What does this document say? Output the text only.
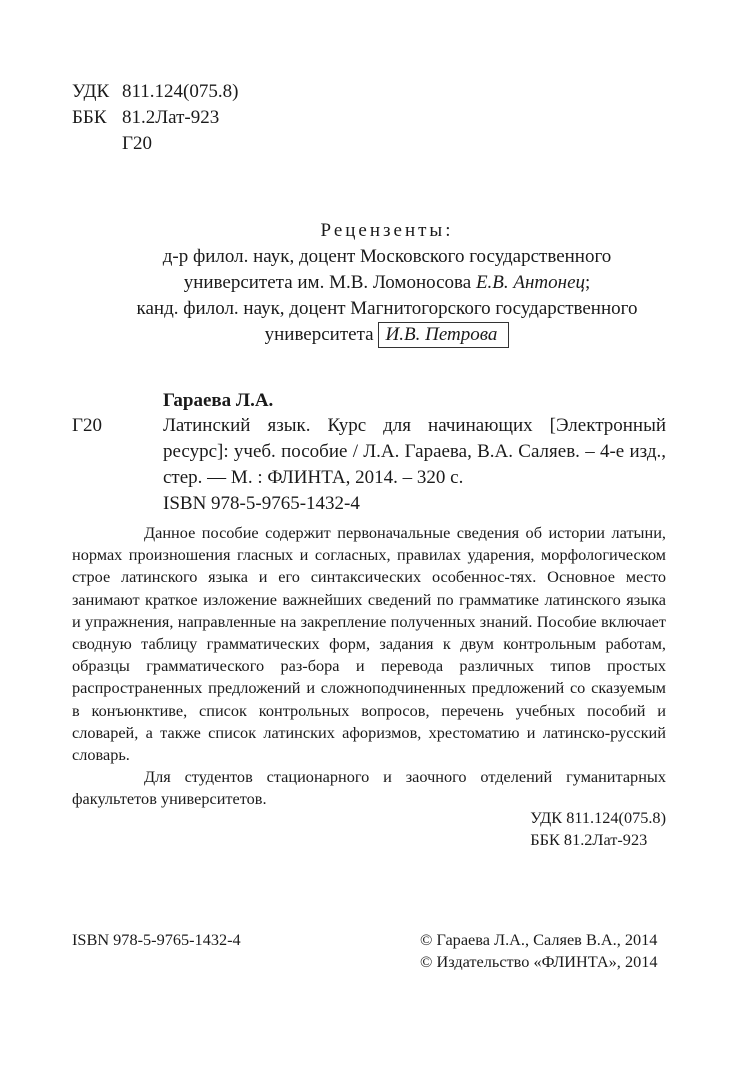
УДК 811.124(075.8)
ББК 81.2Лат-923
Г20
Рецензенты:
д-р филол. наук, доцент Московского государственного
университета им. М.В. Ломоносова Е.В. Антонец;
канд. филол. наук, доцент Магнитогорского государственного
университета И.В. Петрова
Гараева Л.А.
Г20	Латинский язык. Курс для начинающих [Электронный
ресурс]: учеб. пособие / Л.А. Гараева, В.А. Саляев. – 4-е изд.,
стер. — М. : ФЛИНТА, 2014. – 320 с.
ISBN 978-5-9765-1432-4
Данное пособие содержит первоначальные сведения об истории латыни, нормах произношения гласных и согласных, правилах ударения, морфологическом строе латинского языка и его синтаксических особеннос-тях. Основное место занимают краткое изложение важнейших сведений по грамматике латинского языка и упражнения, направленные на закрепление полученных знаний. Пособие включает сводную таблицу грамматических форм, задания к двум контрольным работам, образцы грамматического раз-бора и перевода различных типов простых распространенных предложений и сложноподчиненных предложений со сказуемым в конъюнктиве, список контрольных вопросов, перечень учебных пособий и словарей, а также список латинских афоризмов, хрестоматию и латинско-русский словарь.
Для студентов стационарного и заочного отделений гуманитарных факультетов университетов.
УДК 811.124(075.8)
ББК 81.2Лат-923
ISBN 978-5-9765-1432-4	© Гараева Л.А., Саляев В.А., 2014
© Издательство «ФЛИНТА», 2014
